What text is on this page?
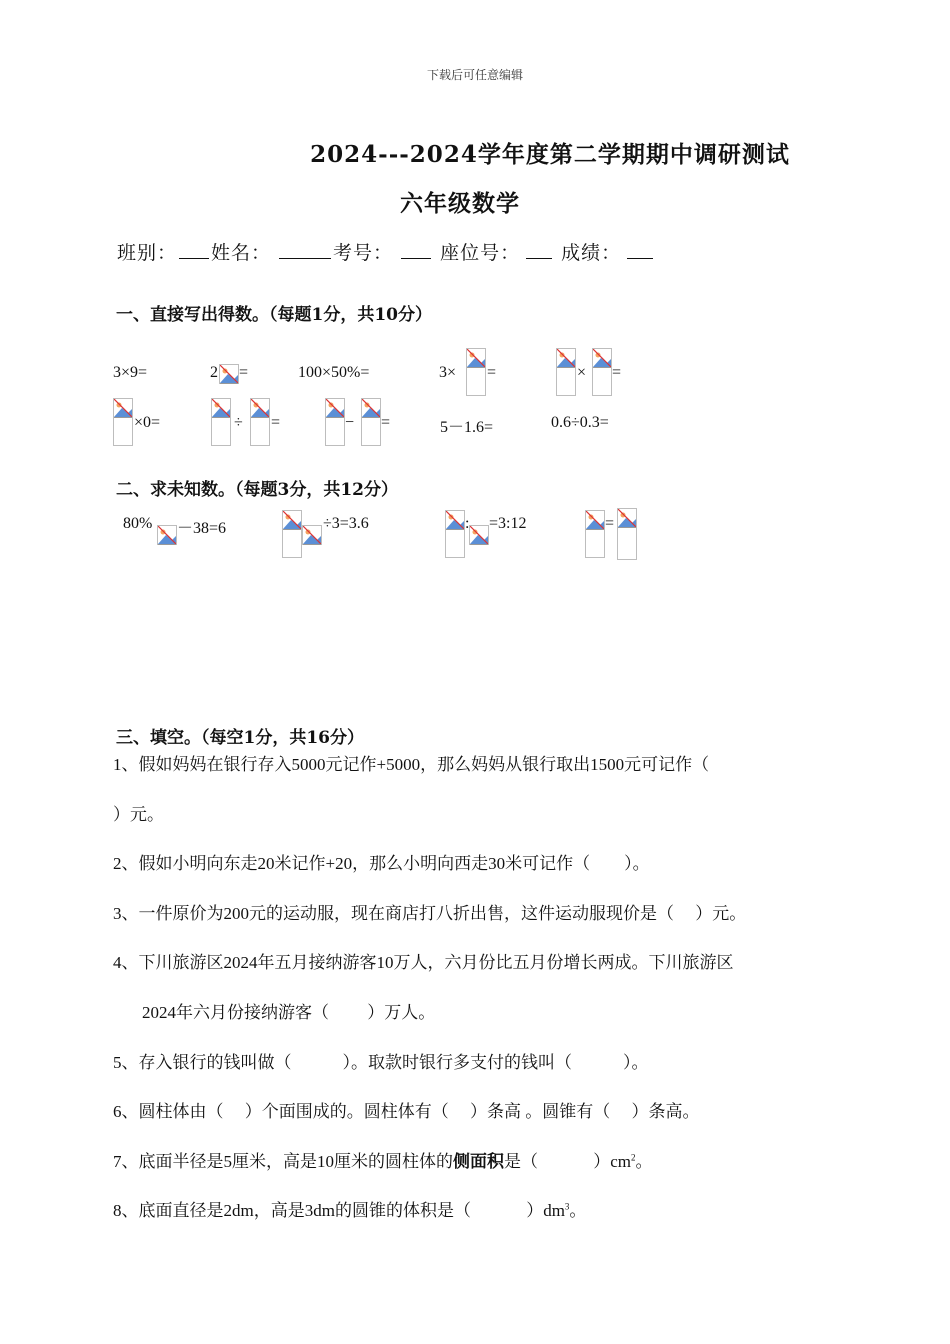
下载后可任意编辑
2024---2024学年度第二学期期中调研测试
六年级数学
班别： 姓名：	考号： 座位号： 成绩：
一、直接写出得数。（每题1分，共10分）
3×9=	2 =	100×50%=	3× =	× =
×0=	÷ =	− =	5－1.6=	0.6÷0.3=
二、求未知数。（每题3分，共12分）
80% －38=6	÷3=3.6	: =3:12	=
三、填空。（每空1分，共16分）
1、假如妈妈在银行存入5000元记作+5000，那么妈妈从银行取出1500元可记作（
）元。
2、假如小明向东走20米记作+20，那么小明向西走30米可记作（　　）。
3、一件原价为200元的运动服，现在商店打八折出售，这件运动服现价是（　 ）元。
4、下川旅游区2024年五月接纳游客10万人，六月份比五月份增长两成。下川旅游区
2024年六月份接纳游客（　　 ）万人。
5、存入银行的钱叫做（　　　）。取款时银行多支付的钱叫（　　　）。
6、圆柱体由（　 ）个面围成的。圆柱体有（　 ）条高 。圆锥有（　 ）条高。
7、底面半径是5厘米，高是10厘米的圆柱体的侧面积是（　　　 ）$cm^2$。
8、底面直径是2dm，高是3dm的圆锥的体积是（　　　 ）$dm^3$。
